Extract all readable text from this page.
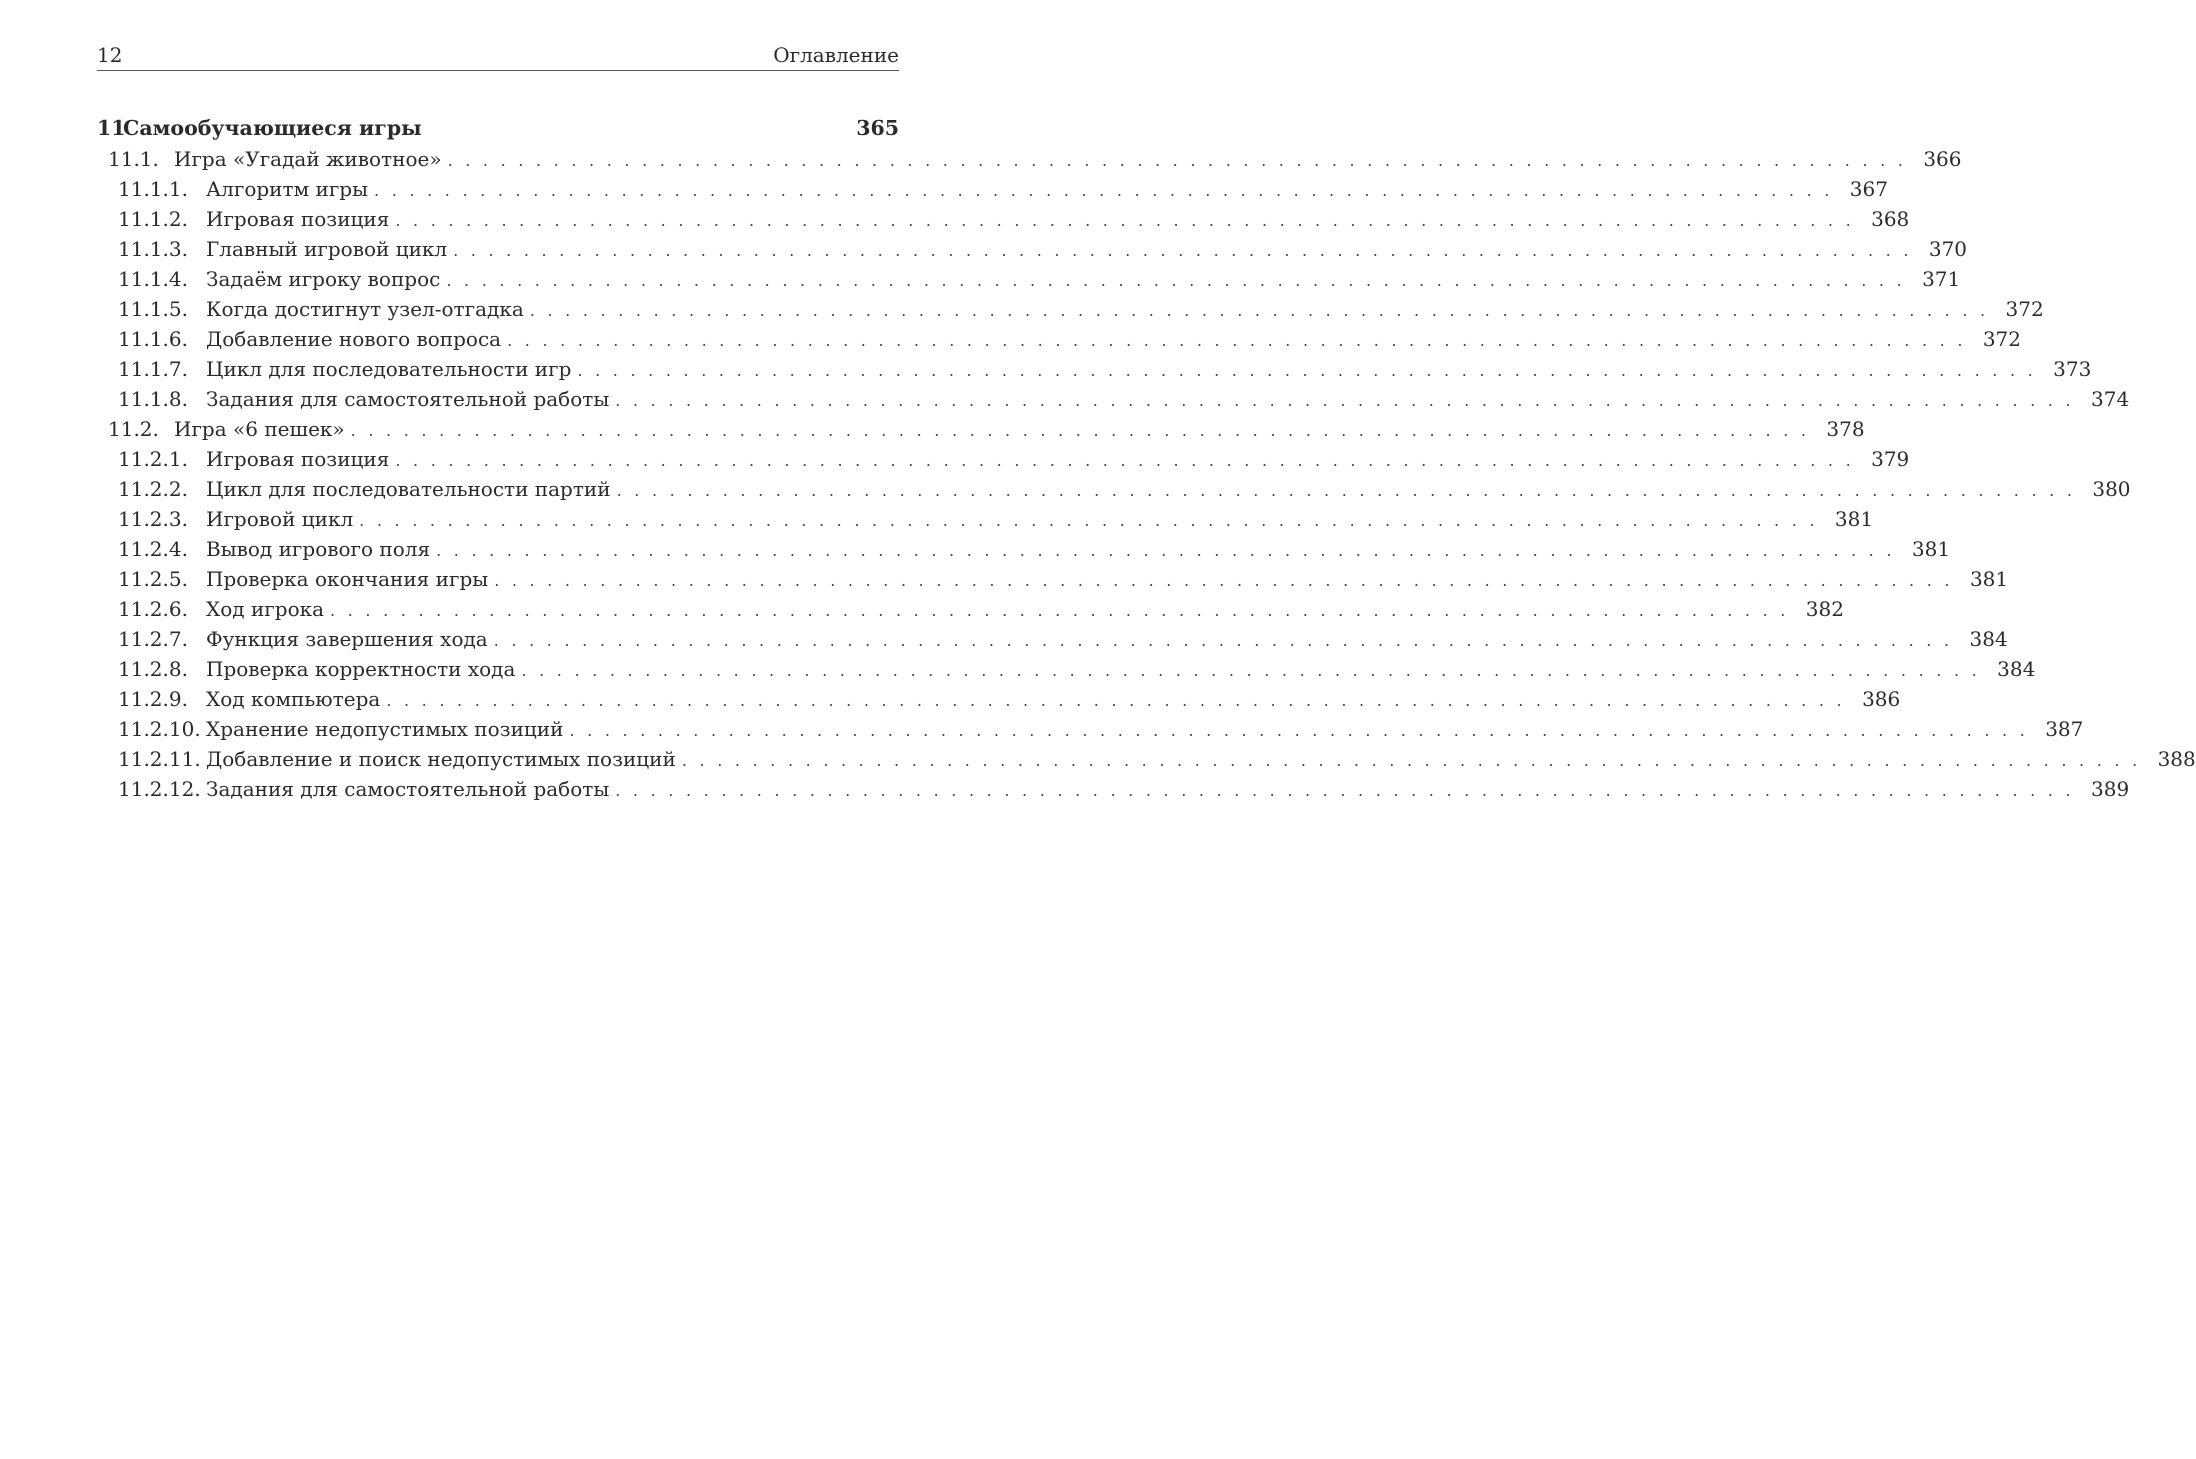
12	Оглавление
11
Самообучающиеся игры	365
11.1. Игра «Угадай животное» ................................................................................... 366
11.1.1. Алгоритм игры ................................................................................... 367
11.1.2. Игровая позиция ................................................................................... 368
11.1.3. Главный игровой цикл ................................................................................... 370
11.1.4. Задаём игроку вопрос ................................................................................... 371
11.1.5. Когда достигнут узел-отгадка ................................................................................... 372
11.1.6. Добавление нового вопроса ................................................................................... 372
11.1.7. Цикл для последовательности игр ................................................................................... 373
11.1.8. Задания для самостоятельной работы ................................................................................... 374
11.2. Игра «6 пешек» ................................................................................... 378
11.2.1. Игровая позиция ................................................................................... 379
11.2.2. Цикл для последовательности партий ................................................................................... 380
11.2.3. Игровой цикл ................................................................................... 381
11.2.4. Вывод игрового поля ................................................................................... 381
11.2.5. Проверка окончания игры ................................................................................... 381
11.2.6. Ход игрока ................................................................................... 382
11.2.7. Функция завершения хода ................................................................................... 384
11.2.8. Проверка корректности хода ................................................................................... 384
11.2.9. Ход компьютера ................................................................................... 386
11.2.10. Хранение недопустимых позиций ................................................................................... 387
11.2.11. Добавление и поиск недопустимых позиций ................................................................................... 388
11.2.12. Задания для самостоятельной работы ................................................................................... 389
